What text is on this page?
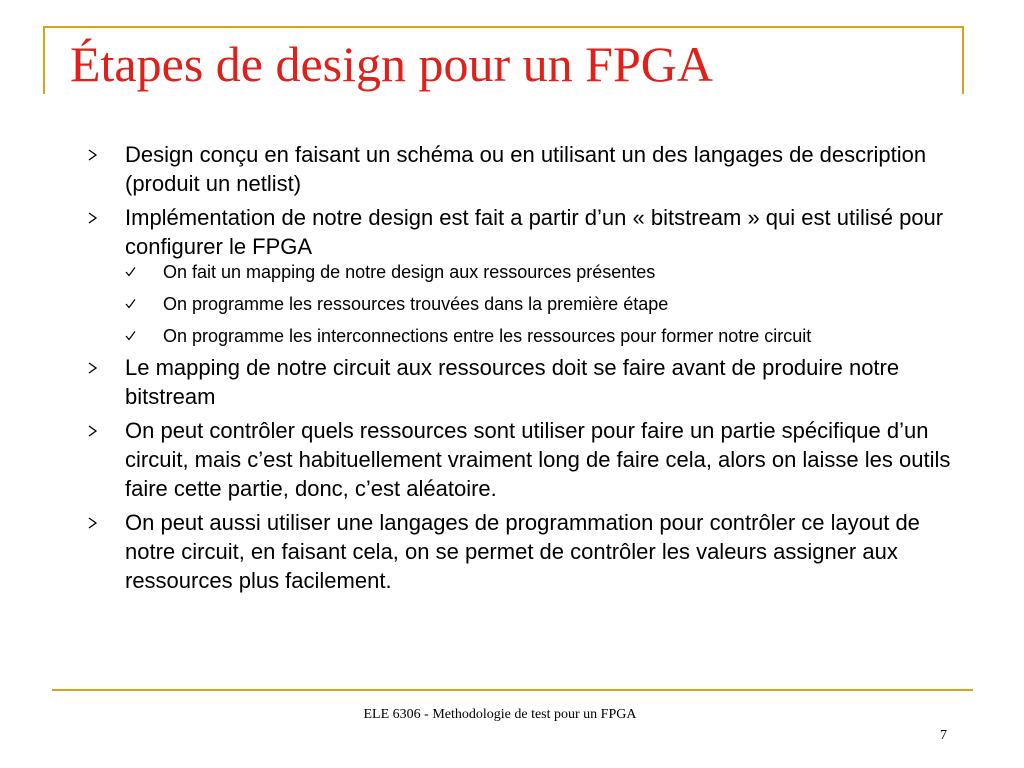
Étapes de design pour un FPGA
Design conçu en faisant un schéma ou en utilisant un des langages de description (produit un netlist)
Implémentation de notre design est fait a partir d’un « bitstream » qui est utilisé pour configurer le FPGA
On fait un mapping de notre design aux ressources présentes
On programme les ressources trouvées dans la première étape
On programme les interconnections entre les ressources pour former notre circuit
Le mapping de notre circuit aux ressources doit se faire avant de produire notre bitstream
On peut contrôler quels ressources sont utiliser pour faire un partie spécifique d’un circuit, mais c’est habituellement vraiment long de faire cela, alors on laisse les outils faire cette partie, donc, c’est aléatoire.
On peut aussi utiliser une langages de programmation pour contrôler ce layout de notre circuit, en faisant cela, on se permet de contrôler les valeurs assigner aux ressources plus facilement.
ELE 6306 - Methodologie de test pour un FPGA
7
